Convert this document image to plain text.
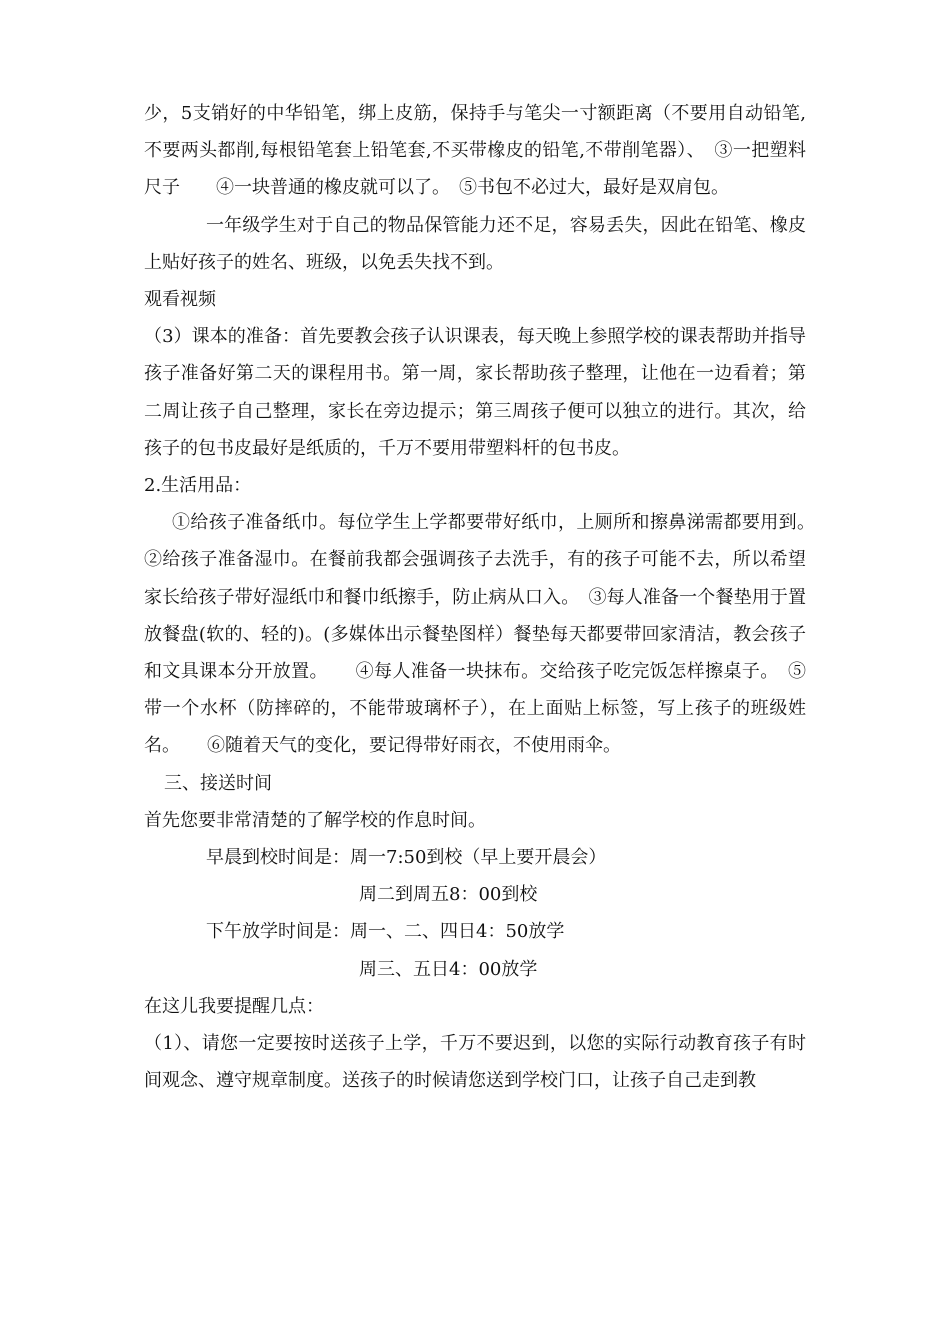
少，5支销好的中华铅笔，绑上皮筋，保持手与笔尖一寸额距离（不要用自动铅笔,不要两头都削,每根铅笔套上铅笔套,不买带橡皮的铅笔,不带削笔器）、　③一把塑料尺子　　④一块普通的橡皮就可以了。　⑤书包不必过大，最好是双肩包。

一年级学生对于自己的物品保管能力还不足，容易丢失，因此在铅笔、橡皮上贴好孩子的姓名、班级，以免丢失找不到。

观看视频

（3）课本的准备：首先要教会孩子认识课表，每天晚上参照学校的课表帮助并指导孩子准备好第二天的课程用书。第一周，家长帮助孩子整理，让他在一边看着；第二周让孩子自己整理，家长在旁边提示；第三周孩子便可以独立的进行。其次，给孩子的包书皮最好是纸质的，千万不要用带塑料杆的包书皮。

2.生活用品：

①给孩子准备纸巾。每位学生上学都要带好纸巾，上厕所和擦鼻涕需都要用到。　　②给孩子准备湿巾。在餐前我都会强调孩子去洗手，有的孩子可能不去，所以希望家长给孩子带好湿纸巾和餐巾纸擦手，防止病从口入。　③每人准备一个餐垫用于置放餐盘(软的、轻的)。(多媒体出示餐垫图样）餐垫每天都要带回家清洁，教会孩子和文具课本分开放置。　　④每人准备一块抹布。交给孩子吃完饭怎样擦桌子。　⑤带一个水杯（防摔碎的，不能带玻璃杯子），在上面贴上标签，写上孩子的班级姓名。　　⑥随着天气的变化，要记得带好雨衣，不使用雨伞。

三、接送时间

首先您要非常清楚的了解学校的作息时间。

早晨到校时间是：周一7:50到校（早上要开晨会）

周二到周五8：00到校

下午放学时间是：周一、二、四日4：50放学

周三、五日4：00放学

在这儿我要提醒几点：

（1）、请您一定要按时送孩子上学，千万不要迟到，以您的实际行动教育孩子有时间观念、遵守规章制度。送孩子的时候请您送到学校门口，让孩子自己走到教
